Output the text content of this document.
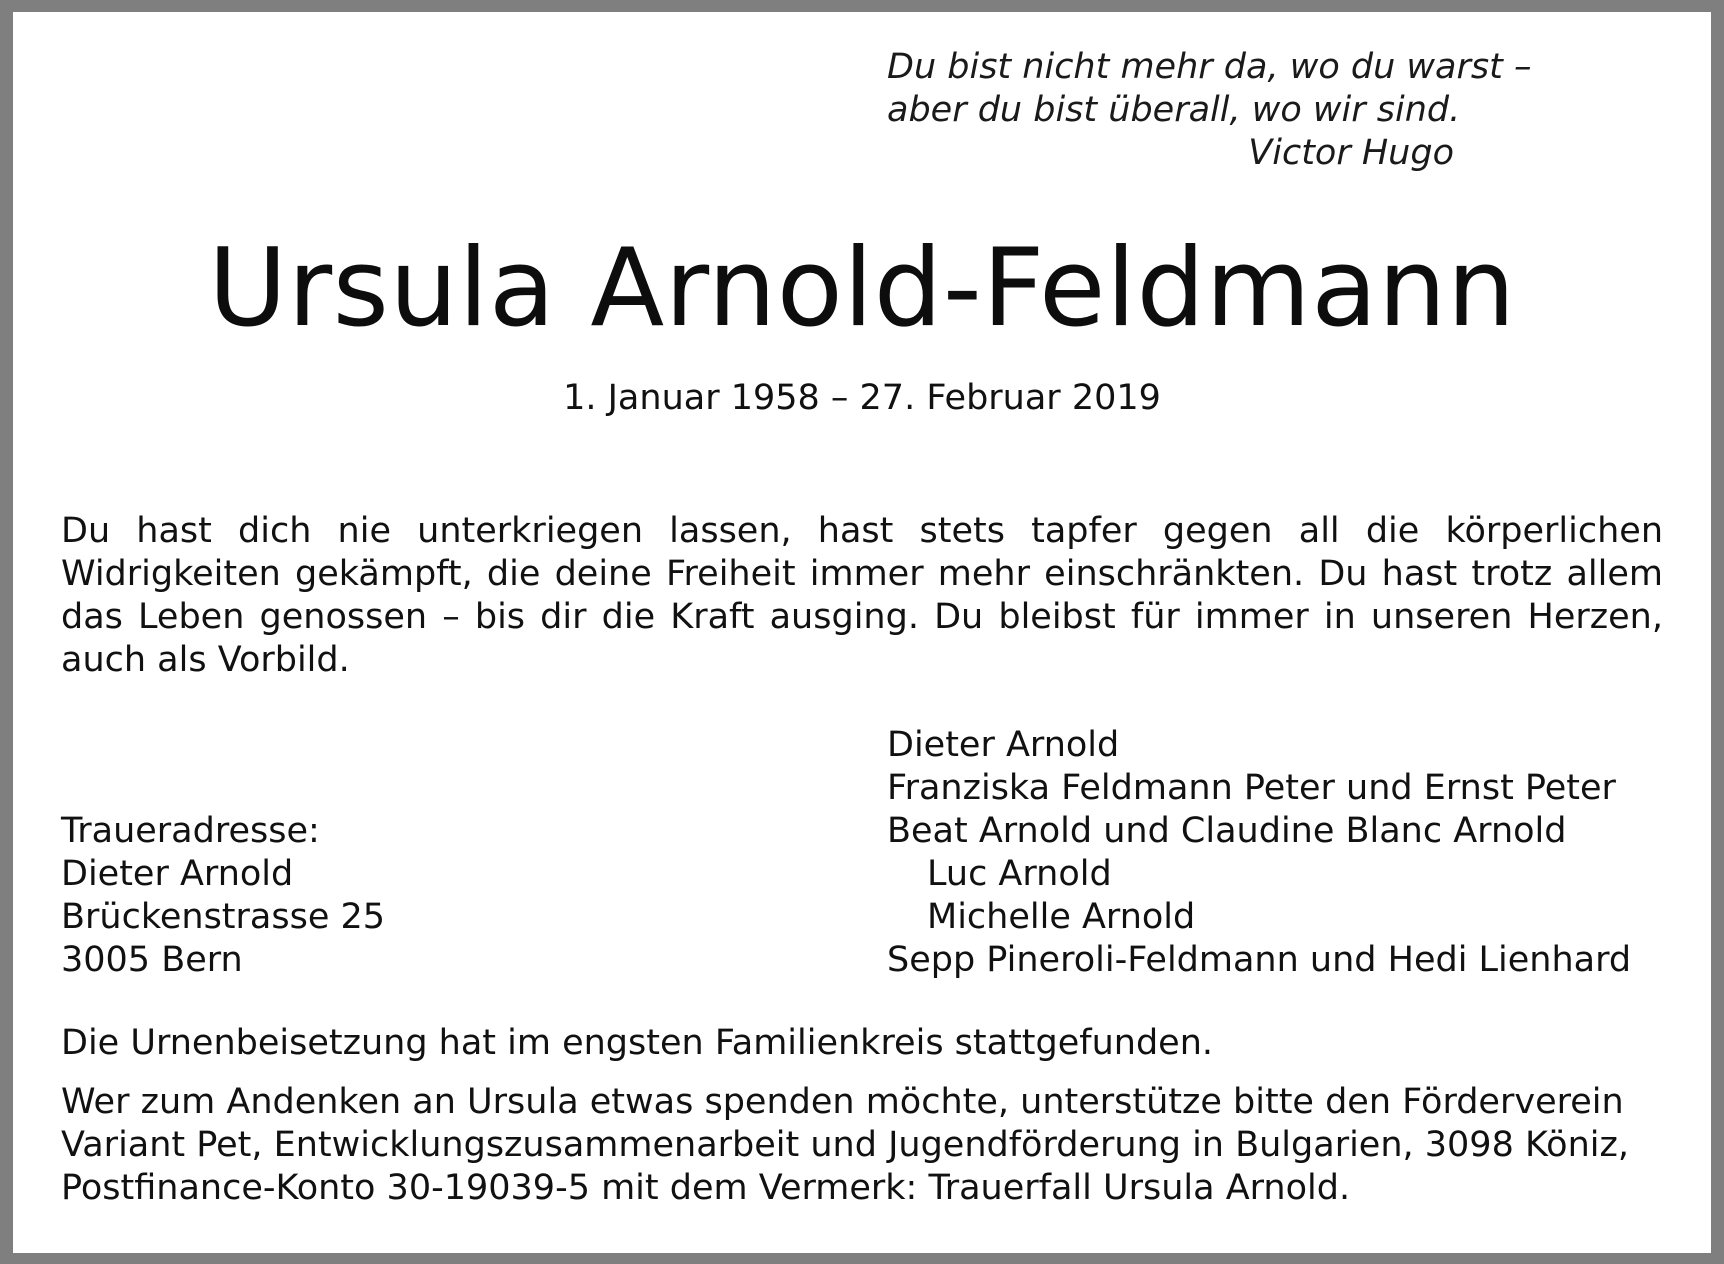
Du bist nicht mehr da, wo du warst –
aber du bist überall, wo wir sind.
Victor Hugo
Ursula Arnold-Feldmann
1. Januar 1958 – 27. Februar 2019
Du hast dich nie unterkriegen lassen, hast stets tapfer gegen all die körperlichen Widrigkeiten gekämpft, die deine Freiheit immer mehr einschränkten. Du hast trotz allem das Leben genossen – bis dir die Kraft ausging. Du bleibst für immer in unseren Herzen, auch als Vorbild.
Dieter Arnold
Franziska Feldmann Peter und Ernst Peter
Beat Arnold und Claudine Blanc Arnold
Luc Arnold
Michelle Arnold
Sepp Pineroli-Feldmann und Hedi Lienhard
Traueradresse:
Dieter Arnold
Brückenstrasse 25
3005 Bern
Die Urnenbeisetzung hat im engsten Familienkreis stattgefunden.
Wer zum Andenken an Ursula etwas spenden möchte, unterstütze bitte den Förderverein
Variant Pet, Entwicklungszusammenarbeit und Jugendförderung in Bulgarien, 3098 Köniz,
Postfinance-Konto 30-19039-5 mit dem Vermerk: Trauerfall Ursula Arnold.
